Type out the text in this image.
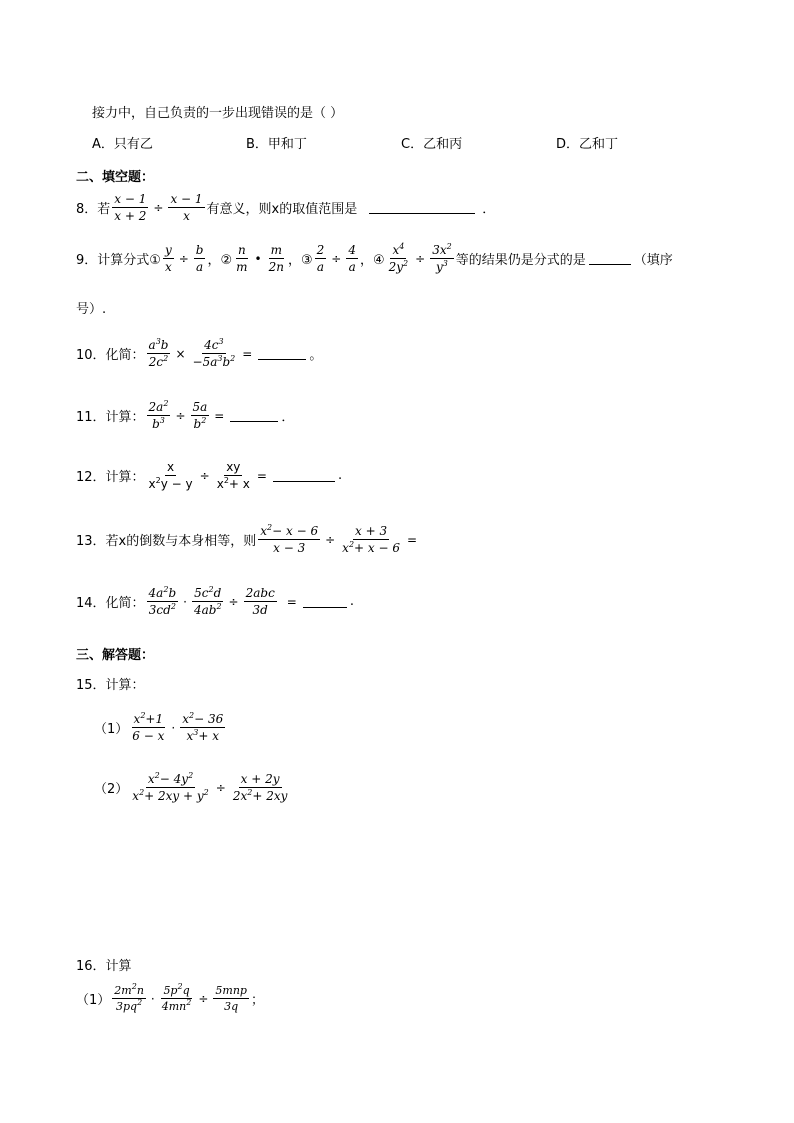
接力中，自己负责的一步出现错误的是（ ）
A．只有乙	B．甲和丁	C．乙和丙	D．乙和丁
二、填空题：
8．若 $\frac{x - 1}{x + 2} \div \frac{x - 1}{x}$ 有意义，则x的取值范围是	．
9．计算分式① $\frac{y}{x} \div \frac{b}{a}$ ，② $\frac{n}{m}$ • $\frac{m}{2n}$ ，③ $\frac{2}{a} \div \frac{4}{a}$ ，④ $\frac{x^4}{2y^2} \div \frac{3x^2}{y^3}$ 等的结果仍是分式的是	（填序
号）.
10．化简： $\frac{a^3b}{2c^2} \times \frac{4c^3}{-5a^3b^2}$ =	。
11．计算： $\frac{2a^2}{b^3} \div \frac{5a}{b^2}$ =	．
12．计算： $\frac{x}{x^2y - y} \div \frac{xy}{x^2+ x}$ =	.
13．若x的倒数与本身相等，则 $\frac{x^2- x - 6}{x - 3} \div \frac{x + 3}{x^2+ x - 6}$ =
14．化简： $\frac{4a^2b}{3cd^2} \cdot \frac{5c^2d}{4ab^2} \div \frac{\text{2abc}}{3d}$ =	.
三、解答题：
15．计算：
$(1) \frac{x^2+1}{6 - x} \cdot \frac{x^2- 36}{x^3+ x}$
$(2) \frac{x^2- 4y^2}{x^2+ 2xy + y^2} \div \frac{x + 2y}{2x^2+ 2xy}$
16．计算
$(1) \frac{2m^2n}{3pq^2} \cdot \frac{5p^2q}{4mn^2} \div \frac{\text{5mnp}}{3q}$ ；
